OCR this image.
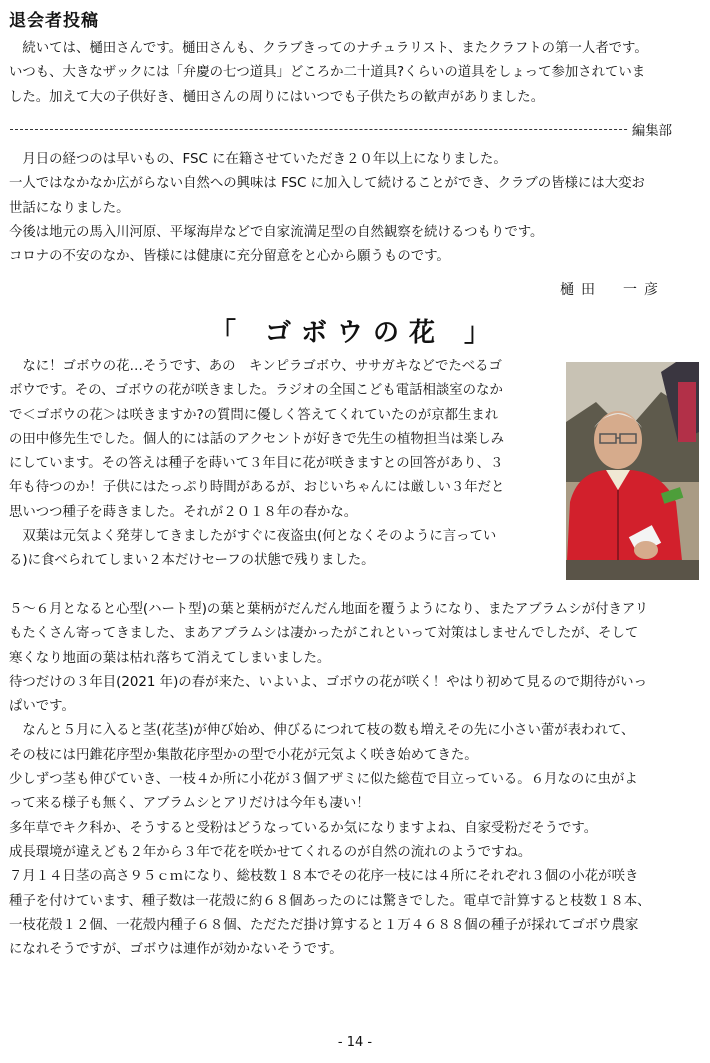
退会者投稿
　続いては、樋田さんです。樋田さんも、クラブきってのナチュラリスト、またクラフトの第一人者です。
いつも、大きなザックには「弁慶の七つ道具」どころか二十道具?くらいの道具をしょって参加されていま
した。加えて大の子供好き、樋田さんの周りにはいつでも子供たちの歓声がありました。
編集部
　月日の経つのは早いもの、FSC に在籍させていただき２０年以上になりました。
一人ではなかなか広がらない自然への興味は FSC に加入して続けることができ、クラブの皆様には大変お
世話になりました。
今後は地元の馬入川河原、平塚海岸などで自家流満足型の自然観察を続けるつもりです。
コロナの不安のなか、皆様には健康に充分留意をと心から願うものです。
樋田　一彦
「 ゴボウの花 」
　なに！ゴボウの花…そうです、あの　キンピラゴボウ、ササガキなどでたべるゴ
ボウです。その、ゴボウの花が咲きました。ラジオの全国こども電話相談室のなか
で＜ゴボウの花＞は咲きますか?の質問に優しく答えてくれていたのが京都生まれ
の田中修先生でした。個人的には話のアクセントが好きで先生の植物担当は楽しみ
にしています。その答えは種子を蒔いて３年目に花が咲きますとの回答があり、３
年も待つのか！子供にはたっぷり時間があるが、おじいちゃんには厳しい３年だと
思いつつ種子を蒔きました。それが２０１８年の春かな。
　双葉は元気よく発芽してきましたがすぐに夜盗虫(何となくそのように言ってい
る)に食べられてしまい２本だけセーフの状態で残りました。
５～６月となると心型(ハート型)の葉と葉柄がだんだん地面を覆うようになり、またアブラムシが付きアリ
もたくさん寄ってきました、まあアブラムシは凄かったがこれといって対策はしませんでしたが、そして
寒くなり地面の葉は枯れ落ちて消えてしまいました。
待つだけの３年目(2021 年)の春が来た、いよいよ、ゴボウの花が咲く！やはり初めて見るので期待がいっ
ぱいです。
　なんと５月に入ると茎(花茎)が伸び始め、伸びるにつれて枝の数も増えその先に小さい蕾が表われて、
その枝には円錐花序型か集散花序型かの型で小花が元気よく咲き始めてきた。
少しずつ茎も伸びていき、一枝４か所に小花が３個アザミに似た総苞で目立っている。６月なのに虫がよ
って来る様子も無く、アブラムシとアリだけは今年も凄い！
多年草でキク科か、そうすると受粉はどうなっているか気になりますよね、自家受粉だそうです。
成長環境が違えども２年から３年で花を咲かせてくれるのが自然の流れのようですね。
７月１４日茎の高さ９５ｃｍになり、総枝数１８本でその花序一枝には４所にそれぞれ３個の小花が咲き
種子を付けています、種子数は一花殻に約６８個あったのには驚きでした。電卓で計算すると枝数１８本、
一枝花殻１２個、一花殻内種子６８個、ただただ掛け算すると１万４６８８個の種子が採れてゴボウ農家
になれそうですが、ゴボウは連作が効かないそうです。
- 14 -
